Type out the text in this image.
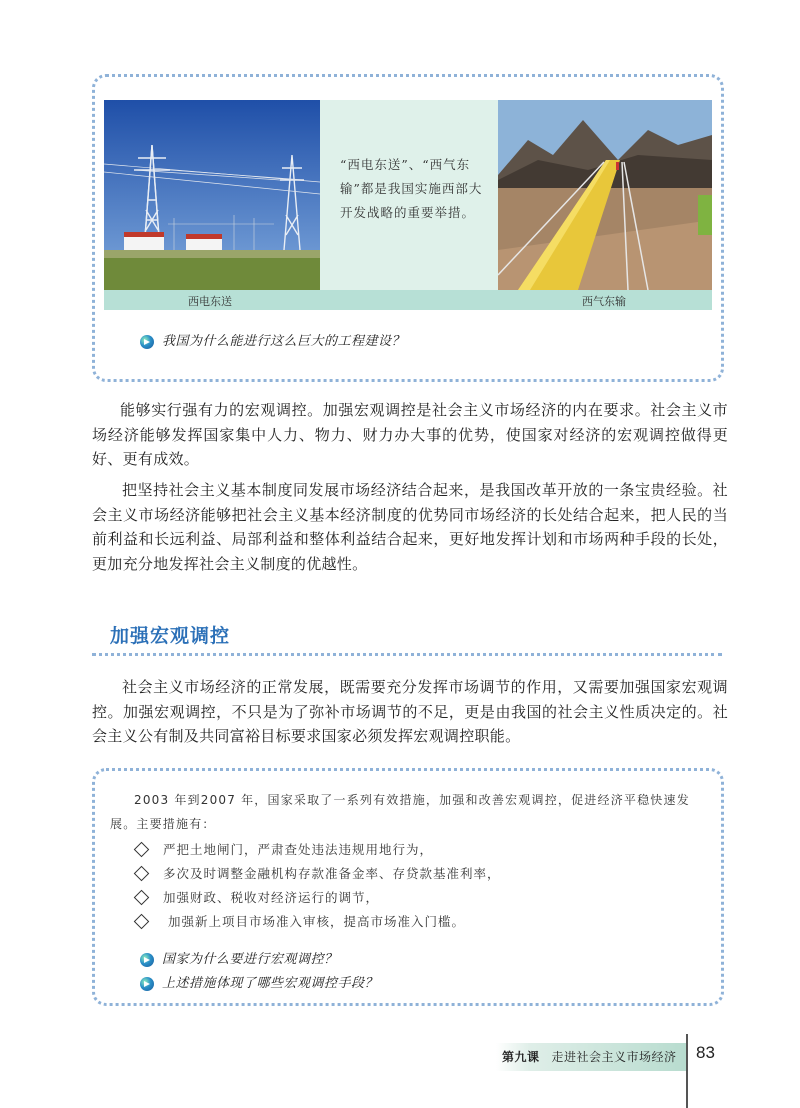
“西电东送”、“西气东输”都是我国实施西部大开发战略的重要举措。

西电东送	西气东输
我国为什么能进行这么巨大的工程建设？

能够实行强有力的宏观调控。加强宏观调控是社会主义市场经济的内在要求。社会主义市场经济能够发挥国家集中人力、物力、财力办大事的优势，使国家对经济的宏观调控做得更好、更有成效。

把坚持社会主义基本制度同发展市场经济结合起来，是我国改革开放的一条宝贵经验。社会主义市场经济能够把社会主义基本经济制度的优势同市场经济的长处结合起来，把人民的当前利益和长远利益、局部利益和整体利益结合起来，更好地发挥计划和市场两种手段的长处，更加充分地发挥社会主义制度的优越性。

加强宏观调控

社会主义市场经济的正常发展，既需要充分发挥市场调节的作用，又需要加强国家宏观调控。加强宏观调控，不只是为了弥补市场调节的不足，更是由我国的社会主义性质决定的。社会主义公有制及共同富裕目标要求国家必须发挥宏观调控职能。

2003 年到2007 年，国家采取了一系列有效措施，加强和改善宏观调控，促进经济平稳快速发展。主要措施有：

严把土地闸门，严肃查处违法违规用地行为，
多次及时调整金融机构存款准备金率、存贷款基准利率，
加强财政、税收对经济运行的调节，
加强新上项目市场准入审核，提高市场准入门槛。
国家为什么要进行宏观调控？
上述措施体现了哪些宏观调控手段？
第九课 走进社会主义市场经济 83
